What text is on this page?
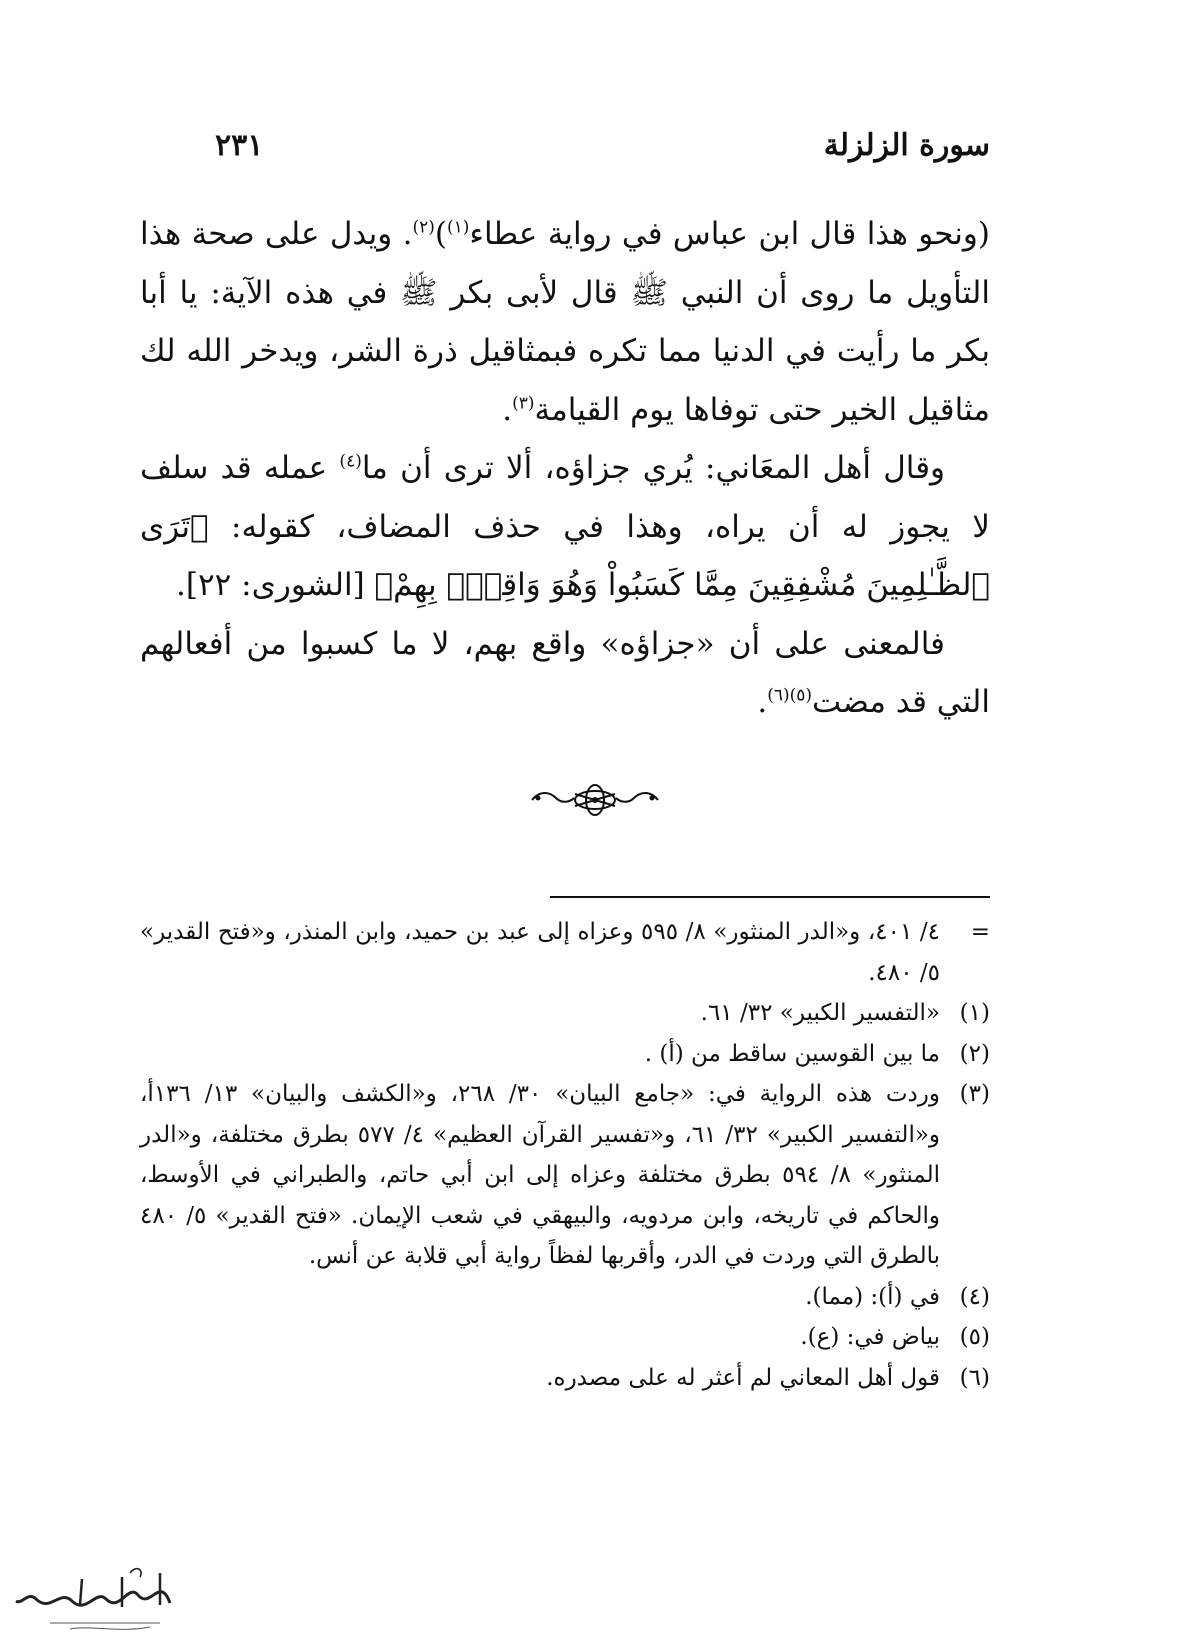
سورة الزلزلة
٢٣١

(ونحو هذا قال ابن عباس في رواية عطاء$^{(١)}$)$^{(٢)}$. ويدل على صحة هذا التأويل ما روى أن النبي ﷺ قال لأبى بكر ﷺ في هذه الآية: يا أبا بكر ما رأيت في الدنيا مما تكره فبمثاقيل ذرة الشر، ويدخر الله لك مثاقيل الخير حتى توفاها يوم القيامة$^{(٣)}$.

وقال أهل المعَاني: يُري جزاؤه، ألا ترى أن ما$^{(٤)}$ عمله قد سلف لا يجوز له أن يراه، وهذا في حذف المضاف، كقوله: ﴿تَرَى ٱلظَّـٰلِمِينَ مُشْفِقِينَ مِمَّا كَسَبُواْ وَهُوَ وَاقِعٌۢ بِهِمْ﴾ [الشورى: ٢٢].

فالمعنى على أن «جزاؤه» واقع بهم، لا ما كسبوا من أفعالهم التي قد مضت$^{(٥)(٦)}$.

=
٤/ ٤٠١، و«الدر المنثور» ٨/ ٥٩٥ وعزاه إلى عبد بن حميد، وابن المنذر، و«فتح القدير» ٥/ ٤٨٠.
(١)
«التفسير الكبير» ٣٢/ ٦١.
(٢)
ما بين القوسين ساقط من (أ) .
(٣)
وردت هذه الرواية في: «جامع البيان» ٣٠/ ٢٦٨، و«الكشف والبيان» ١٣/ ١٣٦أ، و«التفسير الكبير» ٣٢/ ٦١، و«تفسير القرآن العظيم» ٤/ ٥٧٧ بطرق مختلفة، و«الدر المنثور» ٨/ ٥٩٤ بطرق مختلفة وعزاه إلى ابن أبي حاتم، والطبراني في الأوسط، والحاكم في تاريخه، وابن مردويه، والبيهقي في شعب الإيمان. «فتح القدير» ٥/ ٤٨٠ بالطرق التي وردت في الدر، وأقربها لفظاً رواية أبي قلابة عن أنس.
(٤)
في (أ): (مما).
(٥)
بياض في: (ع).
(٦)
قول أهل المعاني لم أعثر له على مصدره.
